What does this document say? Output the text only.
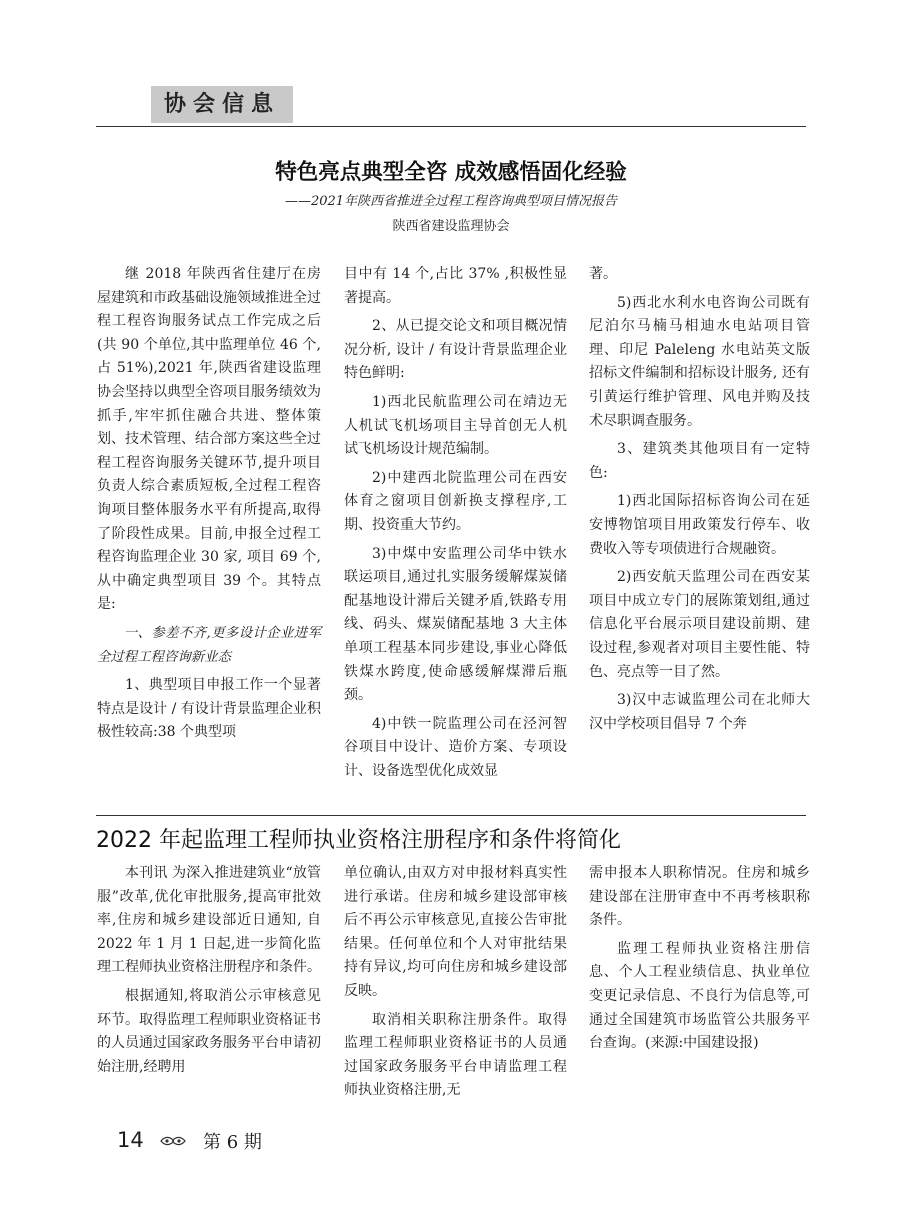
协会信息
特色亮点典型全咨 成效感悟固化经验
——2021年陕西省推进全过程工程咨询典型项目情况报告
陕西省建设监理协会

继 2018 年陕西省住建厅在房屋建筑和市政基础设施领域推进全过程工程咨询服务试点工作完成之后(共 90 个单位,其中监理单位 46 个, 占 51%),2021 年,陕西省建设监理协会坚持以典型全咨项目服务绩效为抓手,牢牢抓住融合共进、整体策划、技术管理、结合部方案这些全过程工程咨询服务关键环节,提升项目负责人综合素质短板,全过程工程咨询项目整体服务水平有所提高,取得了阶段性成果。目前,申报全过程工程咨询监理企业 30 家, 项目 69 个,从中确定典型项目 39 个。其特点是:

一、参差不齐,更多设计企业进军全过程工程咨询新业态

1、典型项目申报工作一个显著特点是设计 / 有设计背景监理企业积极性较高:38 个典型项

目中有 14 个,占比 37% ,积极性显著提高。

2、从已提交论文和项目概况情况分析, 设计 / 有设计背景监理企业特色鲜明:

1)西北民航监理公司在靖边无人机试飞机场项目主导首创无人机试飞机场设计规范编制。

2)中建西北院监理公司在西安体育之窗项目创新换支撑程序,工期、投资重大节约。

3)中煤中安监理公司华中铁水联运项目,通过扎实服务缓解煤炭储配基地设计滞后关键矛盾,铁路专用线、码头、煤炭储配基地 3 大主体单项工程基本同步建设,事业心降低铁煤水跨度,使命感缓解煤滞后瓶颈。

4)中铁一院监理公司在泾河智谷项目中设计、造价方案、专项设计、设备选型优化成效显

著。

5)西北水利水电咨询公司既有尼泊尔马楠马相迪水电站项目管理、印尼 Paleleng 水电站英文版招标文件编制和招标设计服务, 还有引黄运行维护管理、风电并购及技术尽职调查服务。

3、建筑类其他项目有一定特色:

1)西北国际招标咨询公司在延安博物馆项目用政策发行停车、收费收入等专项债进行合规融资。

2)西安航天监理公司在西安某项目中成立专门的展陈策划组,通过信息化平台展示项目建设前期、建设过程,参观者对项目主要性能、特色、亮点等一目了然。

3)汉中志诚监理公司在北师大汉中学校项目倡导 7 个奔

2022 年起监理工程师执业资格注册程序和条件将简化

本刊讯 为深入推进建筑业“放管服”改革,优化审批服务,提高审批效率,住房和城乡建设部近日通知, 自 2022 年 1 月 1 日起,进一步简化监理工程师执业资格注册程序和条件。

根据通知,将取消公示审核意见环节。取得监理工程师职业资格证书的人员通过国家政务服务平台申请初始注册,经聘用

单位确认,由双方对申报材料真实性进行承诺。住房和城乡建设部审核后不再公示审核意见,直接公告审批结果。任何单位和个人对审批结果持有异议,均可向住房和城乡建设部反映。

取消相关职称注册条件。取得监理工程师职业资格证书的人员通过国家政务服务平台申请监理工程师执业资格注册,无

需申报本人职称情况。住房和城乡建设部在注册审查中不再考核职称条件。

监理工程师执业资格注册信息、个人工程业绩信息、执业单位变更记录信息、不良行为信息等,可通过全国建筑市场监管公共服务平台查询。(来源:中国建设报)

14	第 6 期
